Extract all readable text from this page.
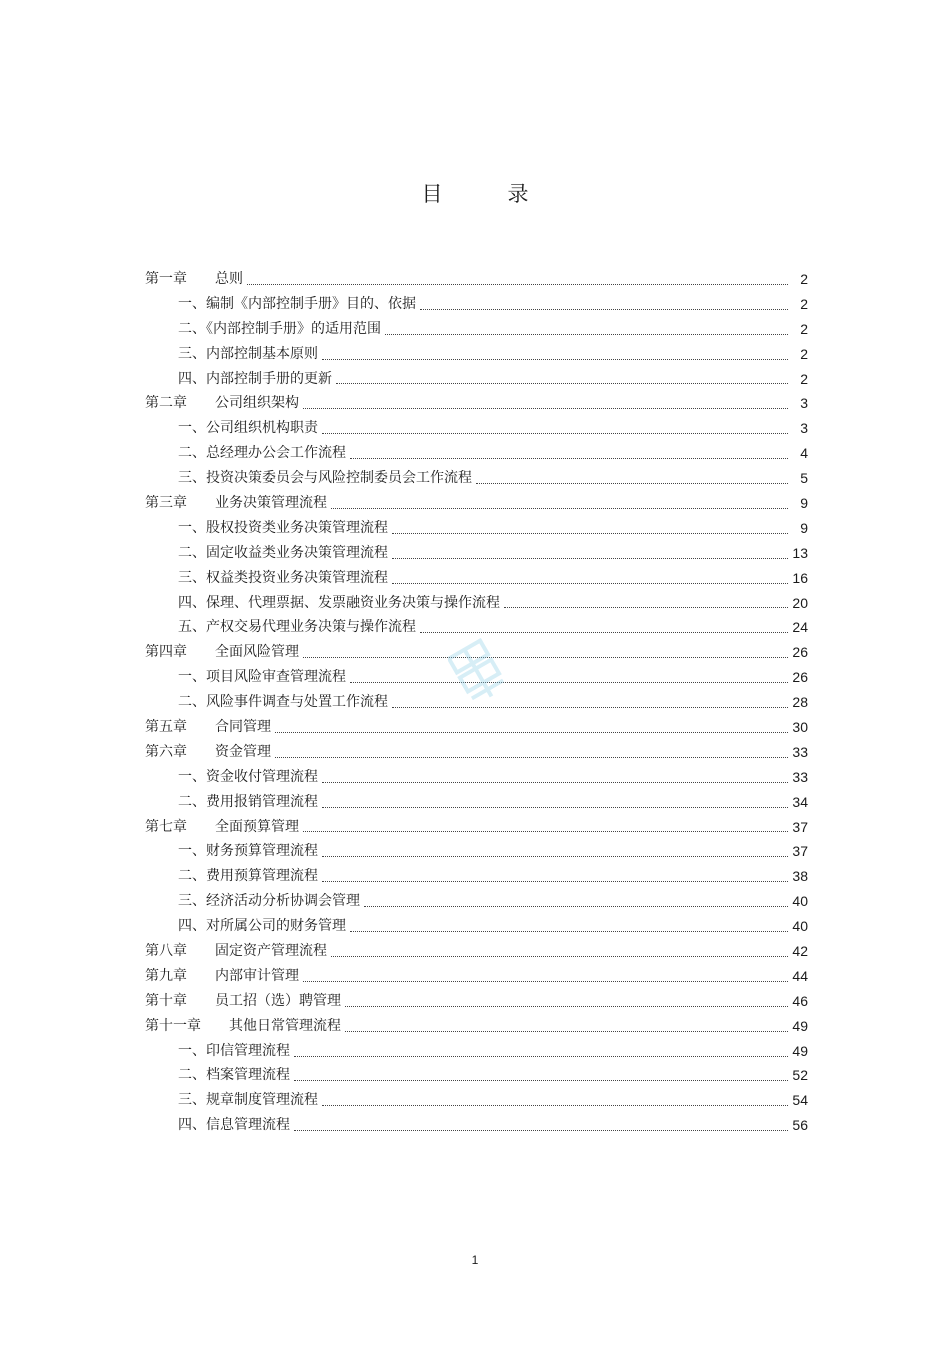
目　录
第一章　　总则	2
一、编制《内部控制手册》目的、依据	2
二、《内部控制手册》的适用范围	2
三、内部控制基本原则	2
四、内部控制手册的更新	2
第二章　　公司组织架构	3
一、公司组织机构职责	3
二、总经理办公会工作流程	4
三、投资决策委员会与风险控制委员会工作流程	5
第三章　　业务决策管理流程	9
一、股权投资类业务决策管理流程	9
二、固定收益类业务决策管理流程	13
三、权益类投资业务决策管理流程	16
四、保理、代理票据、发票融资业务决策与操作流程	20
五、产权交易代理业务决策与操作流程	24
第四章　　全面风险管理	26
一、项目风险审查管理流程	26
二、风险事件调查与处置工作流程	28
第五章　　合同管理	30
第六章　　资金管理	33
一、资金收付管理流程	33
二、费用报销管理流程	34
第七章　　全面预算管理	37
一、财务预算管理流程	37
二、费用预算管理流程	38
三、经济活动分析协调会管理	40
四、对所属公司的财务管理	40
第八章　　固定资产管理流程	42
第九章　　内部审计管理	44
第十章　　员工招（选）聘管理	46
第十一章　　其他日常管理流程	49
一、印信管理流程	49
二、档案管理流程	52
三、规章制度管理流程	54
四、信息管理流程	56
1
